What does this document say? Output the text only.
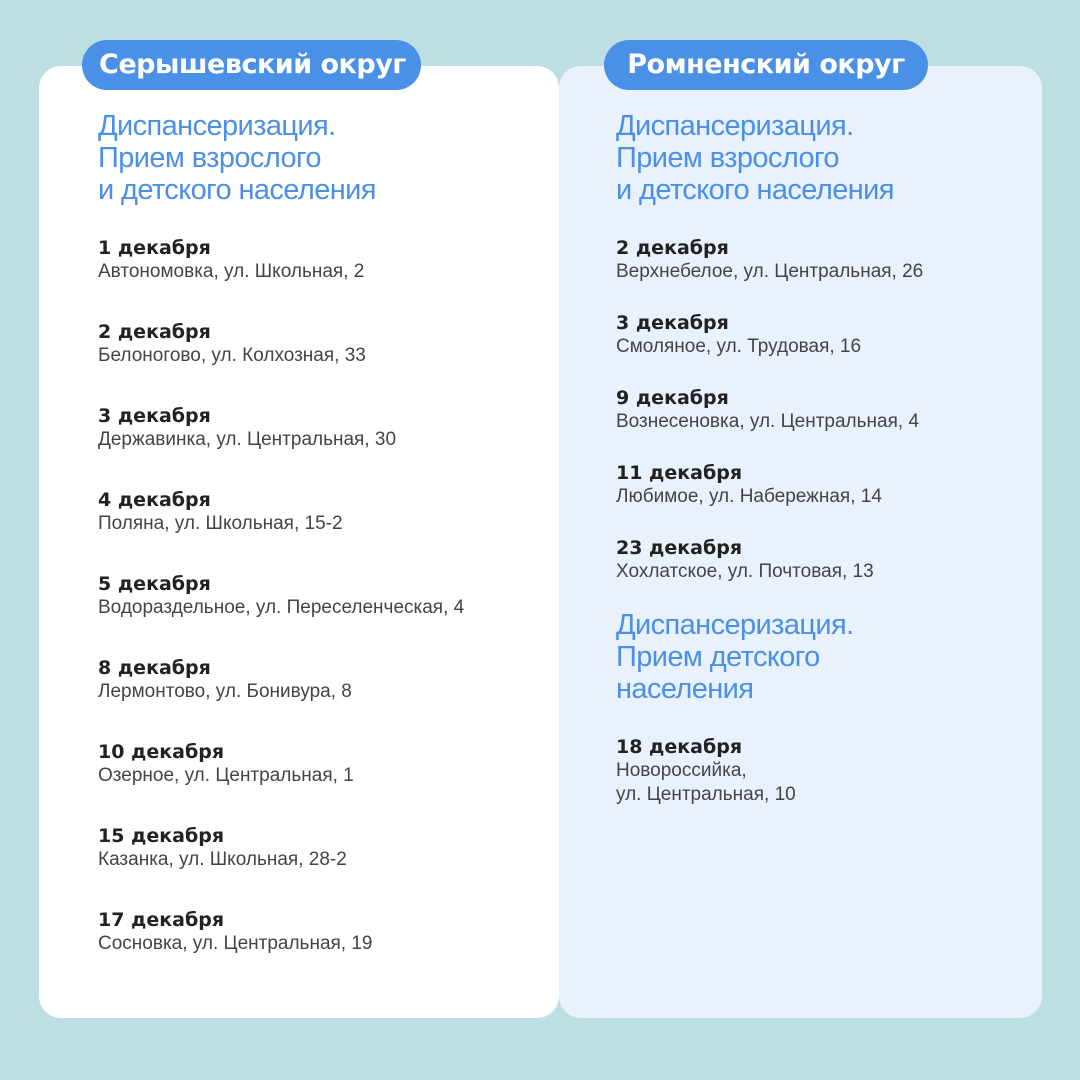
Серышевский округ	Ромненский округ
Диспансеризация.
Прием взрослого
и детского населения
1 декабря
Автономовка, ул. Школьная, 2
2 декабря
Белоногово, ул. Колхозная, 33
3 декабря
Державинка, ул. Центральная, 30
4 декабря
Поляна, ул. Школьная, 15-2
5 декабря
Водораздельное, ул. Переселенческая, 4
8 декабря
Лермонтово, ул. Бонивура, 8
10 декабря
Озерное, ул. Центральная, 1
15 декабря
Казанка, ул. Школьная, 28-2
17 декабря
Сосновка, ул. Центральная, 19
Диспансеризация.
Прием взрослого
и детского населения
2 декабря
Верхнебелое, ул. Центральная, 26
3 декабря
Смоляное, ул. Трудовая, 16
9 декабря
Вознесеновка, ул. Центральная, 4
11 декабря
Любимое, ул. Набережная, 14
23 декабря
Хохлатское, ул. Почтовая, 13
Диспансеризация.
Прием детского
населения
18 декабря
Новороссийка,
ул. Центральная, 10
